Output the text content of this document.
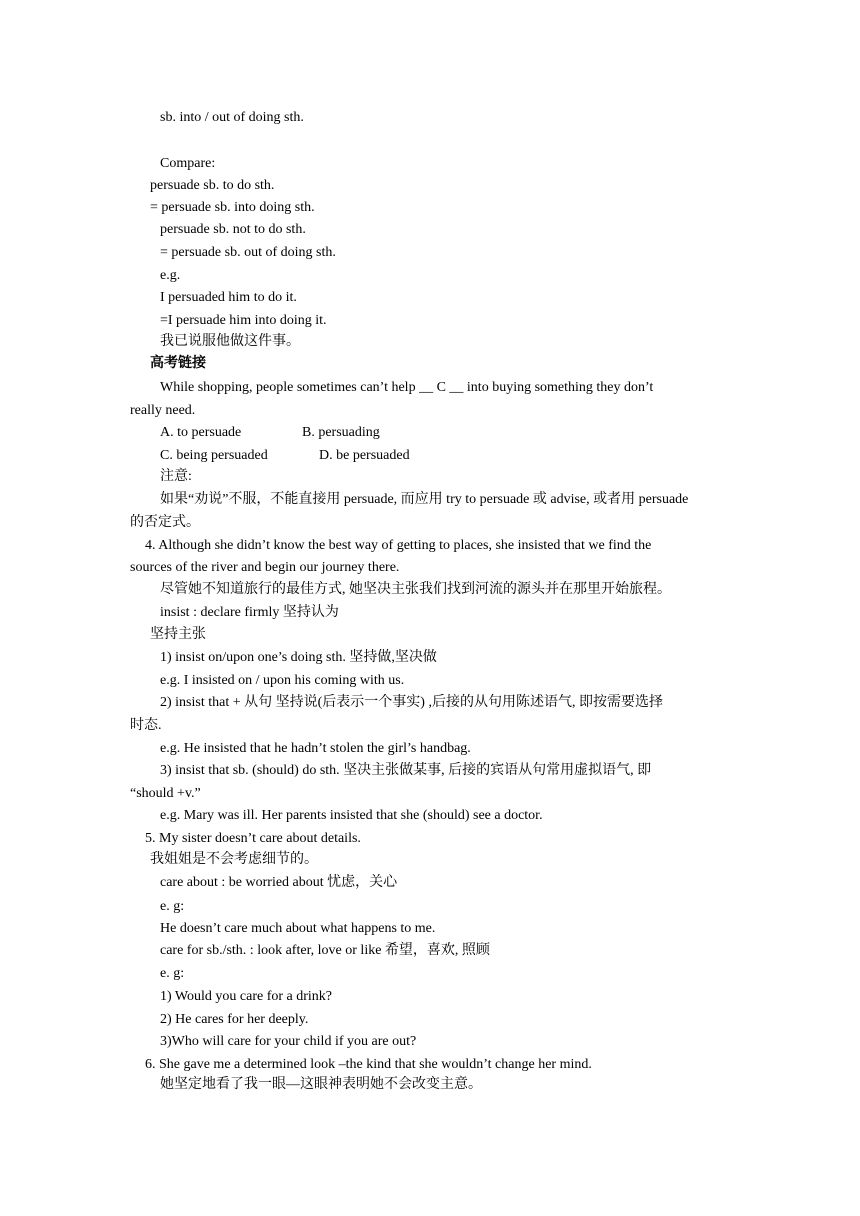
sb. into / out of doing sth.
Compare:
persuade sb. to do sth.
= persuade sb. into doing sth.
persuade sb. not to do sth.
= persuade sb. out of doing sth.
e.g.
I persuaded him to do it.
=I persuade him into doing it.
我已说服他做这件事。
高考链接
While shopping, people sometimes can’t help __ C __ into buying something they don’t
really need.
A. to persuade	B. persuading
C. being persuaded	D. be persuaded
注意:
如果“劝说”不服，不能直接用 persuade, 而应用 try to persuade 或 advise, 或者用 persuade
的否定式。
4. Although she didn’t know the best way of getting to places, she insisted that we find the
sources of the river and begin our journey there.
尽管她不知道旅行的最佳方式, 她坚决主张我们找到河流的源头并在那里开始旅程。
insist : declare firmly 坚持认为
坚持主张
1) insist on/upon one’s doing sth. 坚持做,坚决做
e.g. I insisted on / upon his coming with us.
2) insist that + 从句 坚持说(后表示一个事实) ,后接的从句用陈述语气, 即按需要选择
时态.
e.g. He insisted that he hadn’t stolen the girl’s handbag.
3) insist that sb. (should) do sth. 坚决主张做某事, 后接的宾语从句常用虚拟语气, 即
“should +v.”
e.g. Mary was ill. Her parents insisted that she (should) see a doctor.
5. My sister doesn’t care about details.
我姐姐是不会考虑细节的。
care about : be worried about 忧虑，关心
e. g:
He doesn’t care much about what happens to me.
care for sb./sth. : look after, love or like 希望，喜欢, 照顾
e. g:
1) Would you care for a drink?
2) He cares for her deeply.
3)Who will care for your child if you are out?
6. She gave me a determined look –the kind that she wouldn’t change her mind.
她坚定地看了我一眼—这眼神表明她不会改变主意。
